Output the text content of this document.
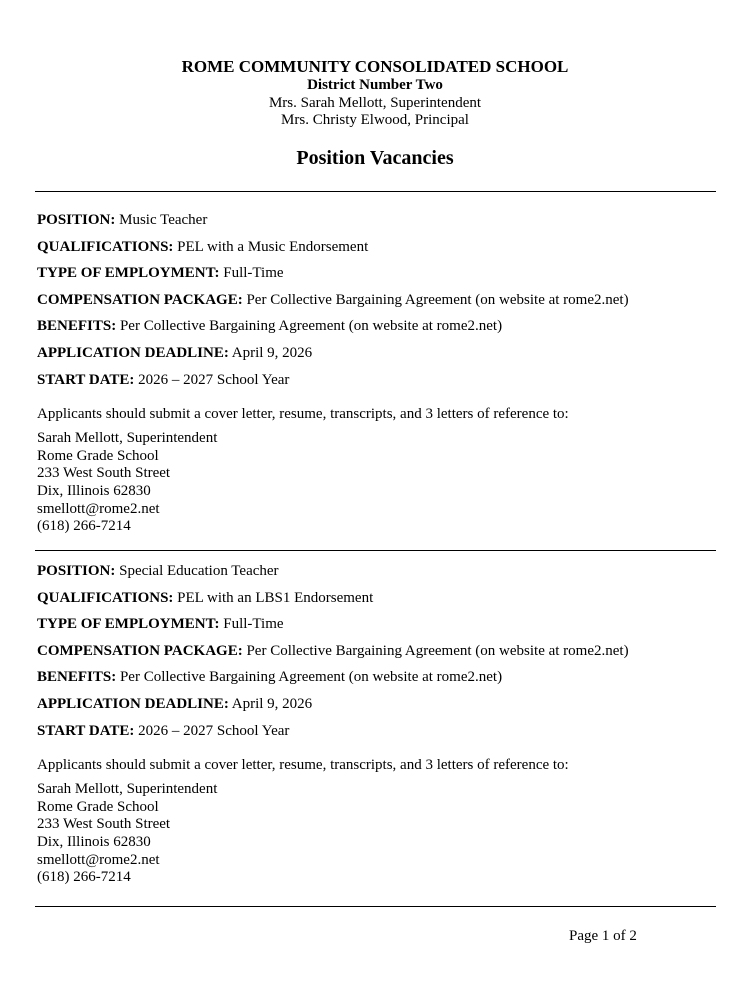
ROME COMMUNITY CONSOLIDATED SCHOOL
District Number Two
Mrs. Sarah Mellott, Superintendent
Mrs. Christy Elwood, Principal
Position Vacancies
POSITION: Music Teacher
QUALIFICATIONS: PEL with a Music Endorsement
TYPE OF EMPLOYMENT: Full-Time
COMPENSATION PACKAGE: Per Collective Bargaining Agreement (on website at rome2.net)
BENEFITS: Per Collective Bargaining Agreement (on website at rome2.net)
APPLICATION DEADLINE: April 9, 2026
START DATE: 2026 – 2027 School Year
Applicants should submit a cover letter, resume, transcripts, and 3 letters of reference to:
Sarah Mellott, Superintendent
Rome Grade School
233 West South Street
Dix, Illinois 62830
smellott@rome2.net
(618) 266-7214
POSITION: Special Education Teacher
QUALIFICATIONS: PEL with an LBS1 Endorsement
TYPE OF EMPLOYMENT: Full-Time
COMPENSATION PACKAGE: Per Collective Bargaining Agreement (on website at rome2.net)
BENEFITS: Per Collective Bargaining Agreement (on website at rome2.net)
APPLICATION DEADLINE: April 9, 2026
START DATE: 2026 – 2027 School Year
Applicants should submit a cover letter, resume, transcripts, and 3 letters of reference to:
Sarah Mellott, Superintendent
Rome Grade School
233 West South Street
Dix, Illinois 62830
smellott@rome2.net
(618) 266-7214
Page 1 of 2
